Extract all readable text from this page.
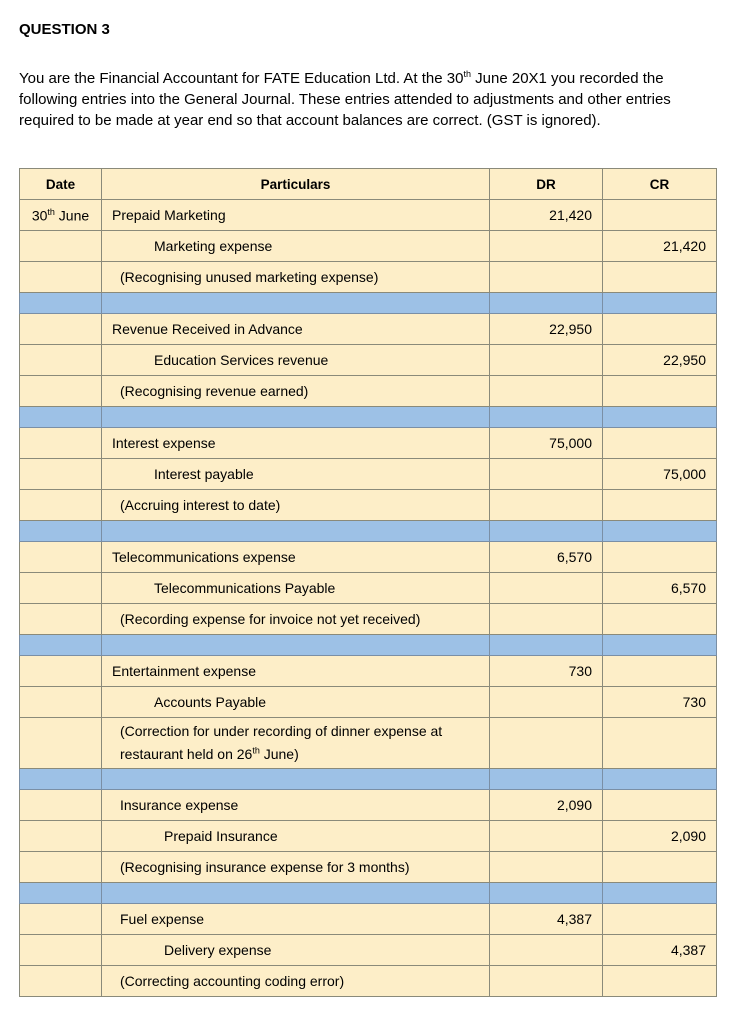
QUESTION 3

You are the Financial Accountant for FATE Education Ltd. At the 30th June 20X1 you recorded the following entries into the General Journal. These entries attended to adjustments and other entries required to be made at year end so that account balances are correct. (GST is ignored).

Date	Particulars	DR	CR
30th June	Prepaid Marketing	21,420	
	Marketing expense		21,420
	(Recognising unused marketing expense)		

	Revenue Received in Advance	22,950	
	Education Services revenue		22,950
	(Recognising revenue earned)		

	Interest expense	75,000	
	Interest payable		75,000
	(Accruing interest to date)		

	Telecommunications expense	6,570	
	Telecommunications Payable		6,570
	(Recording expense for invoice not yet received)		

	Entertainment expense	730	
	Accounts Payable		730

	(Correction for under recording of dinner expense at
restaurant held on 26th June)		

	Insurance expense	2,090	
	Prepaid Insurance		2,090
	(Recognising insurance expense for 3 months)		

	Fuel expense	4,387	
	Delivery expense		4,387
	(Correcting accounting coding error)		
